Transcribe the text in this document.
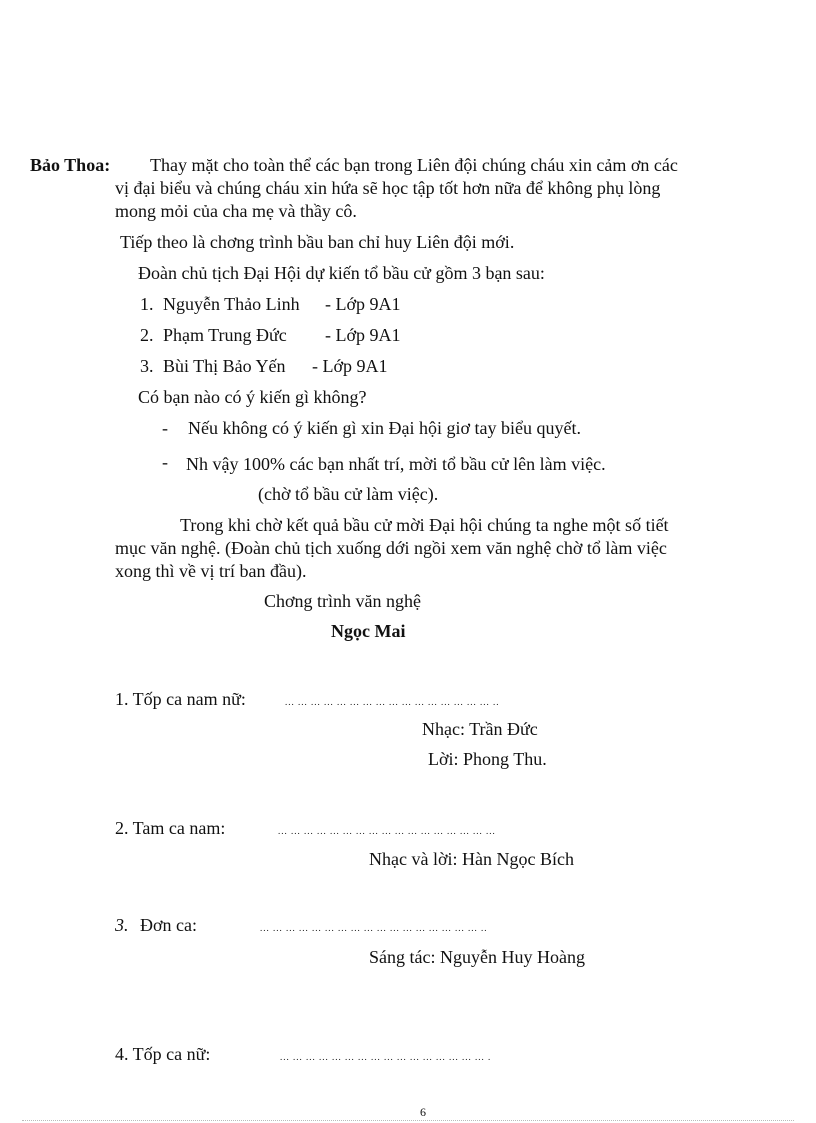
Bảo Thoa: Thay mặt cho toàn thể các bạn trong Liên đội chúng cháu xin cảm ơn các
vị đại biểu và chúng cháu xin hứa sẽ học tập tốt hơn nữa để không phụ lòng
mong mỏi của cha mẹ và thầy cô.
Tiếp theo là chơng trình bầu ban chỉ huy Liên đội mới.
Đoàn chủ tịch Đại Hội dự kiến tổ bầu cử gồm 3 bạn sau:
1. Nguyễn Thảo Linh - Lớp 9A1
2. Phạm Trung Đức - Lớp 9A1
3. Bùi Thị Bảo Yến - Lớp 9A1
Có bạn nào có ý kiến gì không?
- Nếu không có ý kiến gì xin Đại hội giơ tay biểu quyết.
- Nh vậy 100% các bạn nhất trí, mời tổ bầu cử lên làm việc.
(chờ tổ bầu cử làm việc).
Trong khi chờ kết quả bầu cử mời Đại hội chúng ta nghe một số tiết
mục văn nghệ. (Đoàn chủ tịch xuống dới ngồi xem văn nghệ chờ tổ làm việc
xong thì về vị trí ban đầu).
Chơng trình văn nghệ
Ngọc Mai
1. Tốp ca nam nữ:	... ... ... ... ... ... ... ... ... ... ... ... ... ... ... ... ..
Nhạc: Trần Đức
Lời: Phong Thu.
2. Tam ca nam:	... ... ... ... ... ... ... ... ... ... ... ... ... ... ... ... ...
Nhạc và lời: Hàn Ngọc Bích
3. Đơn ca:	... ... ... ... ... ... ... ... ... ... ... ... ... ... ... ... ... ..
Sáng tác: Nguyễn Huy Hoàng
4. Tốp ca nữ:	... ... ... ... ... ... ... ... ... ... ... ... ... ... ... ... .
6
